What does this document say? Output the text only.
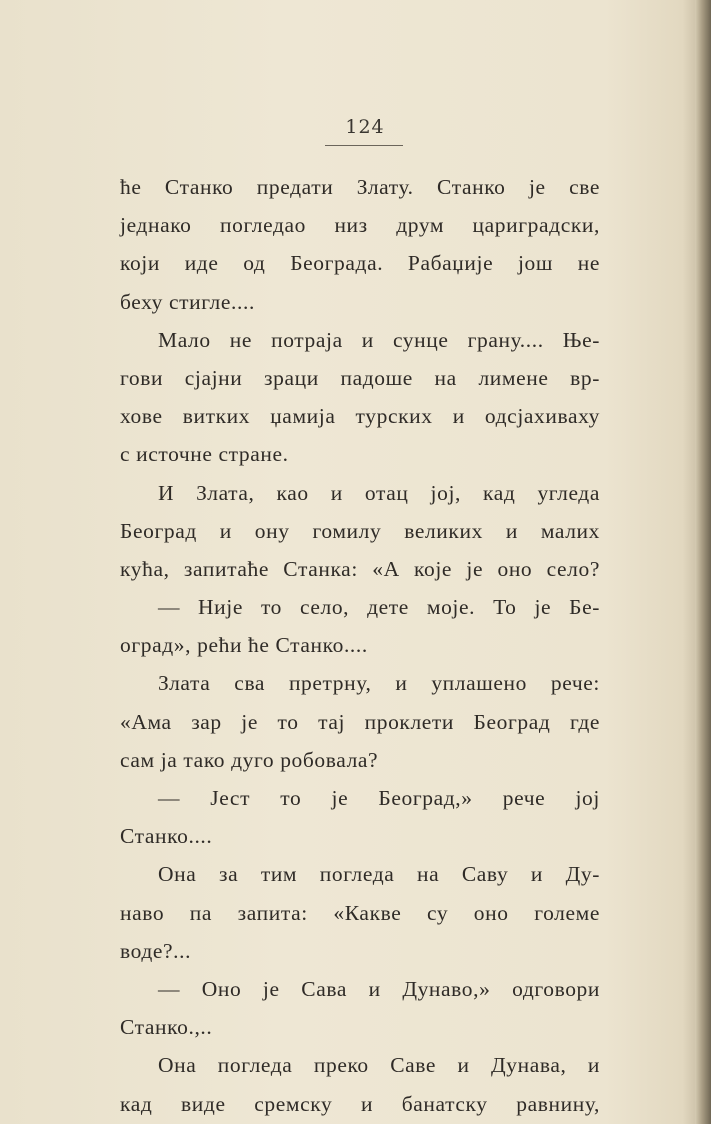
124
ће Станко предати Злату. Станко је све
једнако погледао низ друм цариградски,
који иде од Београда. Рабаџије још не
беху стигле....
Мало не потраја и сунце грану.... Ње-
гови сјајни зраци падоше на лимене вр-
хове витких џамија турских и одсјахиваху
с источне стране.
И Злата, као и отац јој, кад угледа
Београд и ону гомилу великих и малих
кућа, запитаће Станка: «А које је оно село?
— Није то село, дете моје. То је Бе-
оград», рећи ће Станко....
Злата сва претрну, и уплашено рече:
«Ама зар је то тај проклети Београд где
сам ја тако дуго робовала?
— Јест то је Београд,» рече јој
Станко....
Она за тим погледа на Саву и Ду-
наво па запита: «Какве су оно големе
воде?...
— Оно је Сава и Дунаво,» одговори
Станко.,..
Она погледа преко Саве и Дунава, и
кад виде сремску и банатску равнину,
